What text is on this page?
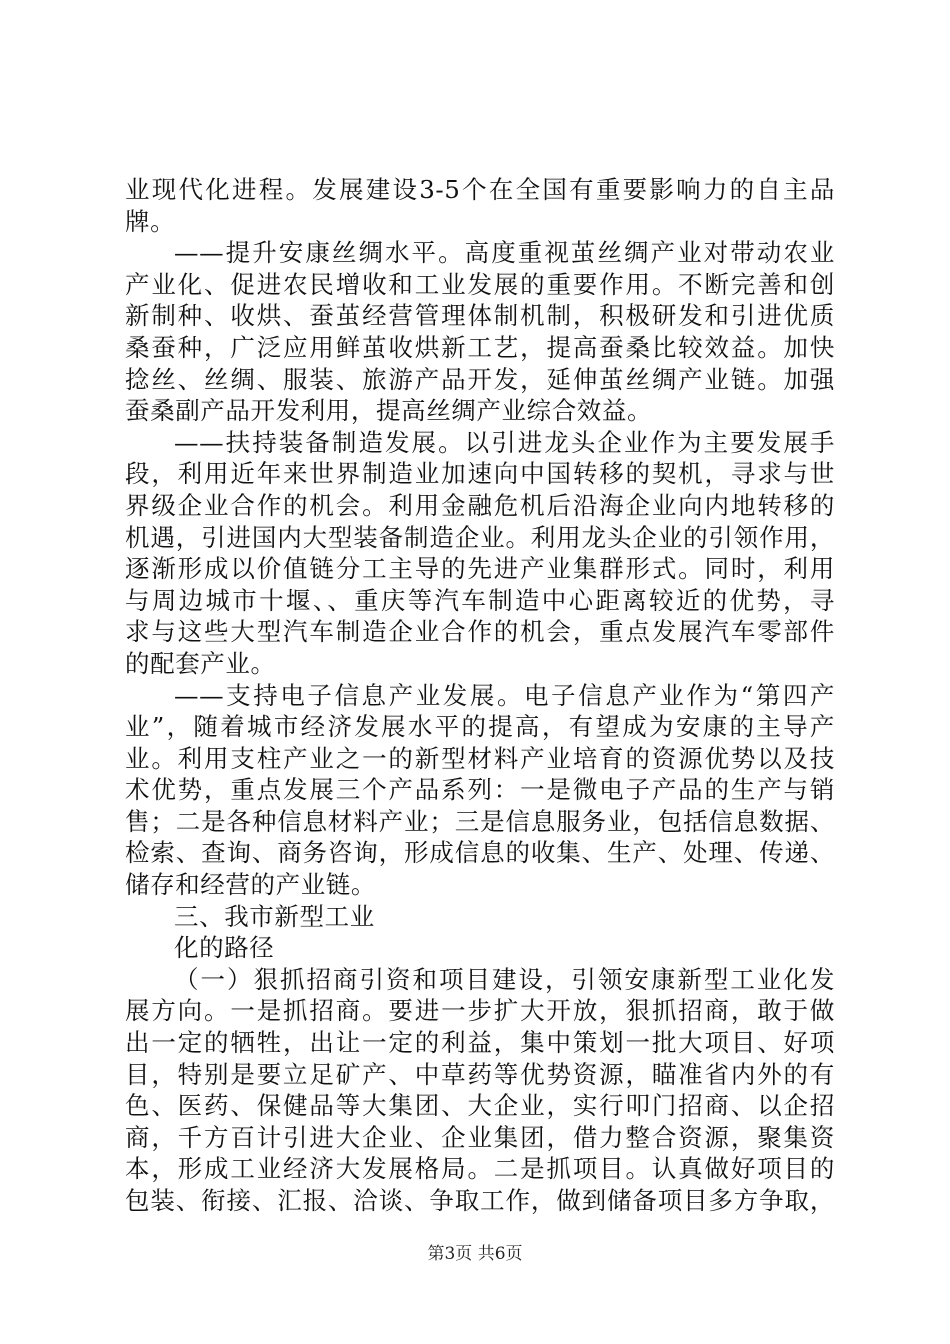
业现代化进程。发展建设3-5个在全国有重要影响力的自主品
牌。
——提升安康丝绸水平。高度重视茧丝绸产业对带动农业
产业化、促进农民增收和工业发展的重要作用。不断完善和创
新制种、收烘、蚕茧经营管理体制机制，积极研发和引进优质
桑蚕种，广泛应用鲜茧收烘新工艺，提高蚕桑比较效益。加快
捻丝、丝绸、服装、旅游产品开发，延伸茧丝绸产业链。加强
蚕桑副产品开发利用，提高丝绸产业综合效益。
——扶持装备制造发展。以引进龙头企业作为主要发展手
段，利用近年来世界制造业加速向中国转移的契机，寻求与世
界级企业合作的机会。利用金融危机后沿海企业向内地转移的
机遇，引进国内大型装备制造企业。利用龙头企业的引领作用，
逐渐形成以价值链分工主导的先进产业集群形式。同时，利用
与周边城市十堰、、重庆等汽车制造中心距离较近的优势，寻
求与这些大型汽车制造企业合作的机会，重点发展汽车零部件
的配套产业。
——支持电子信息产业发展。电子信息产业作为“第四产
业”，随着城市经济发展水平的提高，有望成为安康的主导产
业。利用支柱产业之一的新型材料产业培育的资源优势以及技
术优势，重点发展三个产品系列：一是微电子产品的生产与销
售；二是各种信息材料产业；三是信息服务业，包括信息数据、
检索、查询、商务咨询，形成信息的收集、生产、处理、传递、
储存和经营的产业链。
三、我市新型工业
化的路径
（一）狠抓招商引资和项目建设，引领安康新型工业化发
展方向。一是抓招商。要进一步扩大开放，狠抓招商，敢于做
出一定的牺牲，出让一定的利益，集中策划一批大项目、好项
目，特别是要立足矿产、中草药等优势资源，瞄准省内外的有
色、医药、保健品等大集团、大企业，实行叩门招商、以企招
商，千方百计引进大企业、企业集团，借力整合资源，聚集资
本，形成工业经济大发展格局。二是抓项目。认真做好项目的
包装、衔接、汇报、洽谈、争取工作，做到储备项目多方争取，
第3页 共6页
